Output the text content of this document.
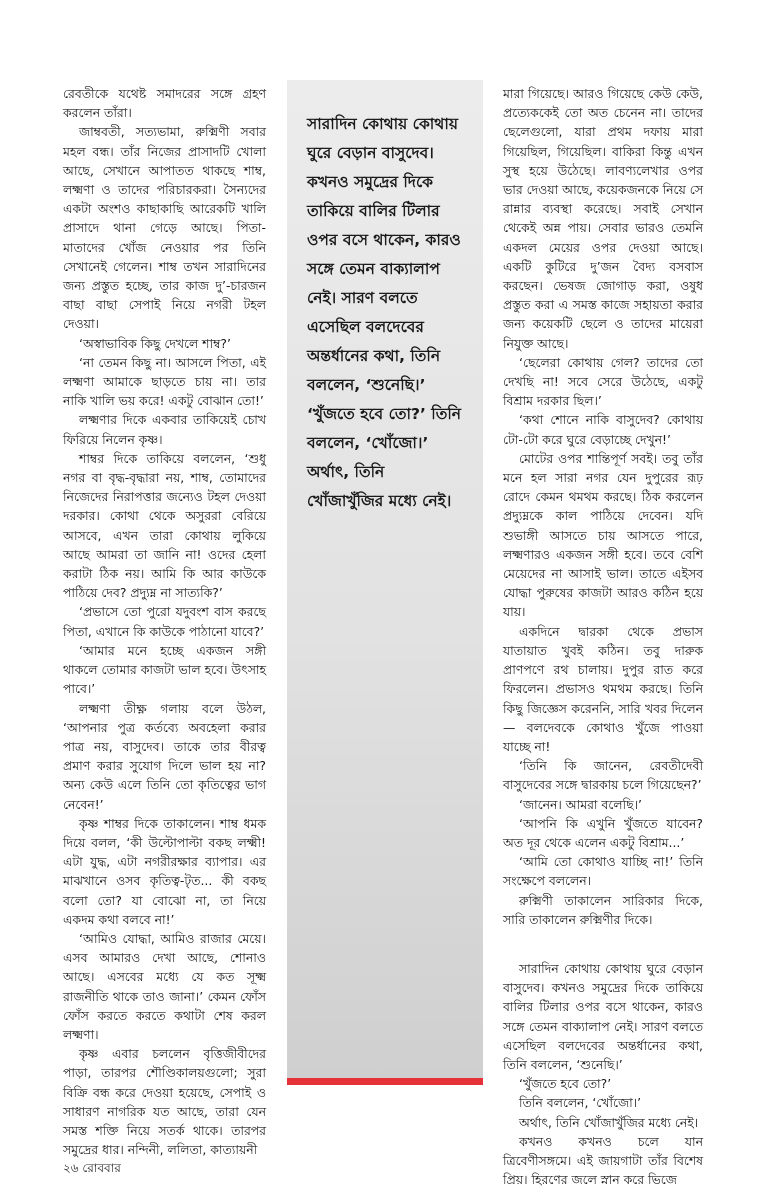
রেবতীকে যথেষ্ট সমাদরের সঙ্গে গ্রহণ করলেন তাঁরা।

জাম্ববতী, সত্যভামা, রুক্মিণী সবার মহল বন্ধ। তাঁর নিজের প্রাসাদটি খোলা আছে, সেখানে আপাতত থাকছে শাম্ব, লক্ষ্মণা ও তাদের পরিচারকরা। সৈন্যদের একটা অংশও কাছাকাছি আরেকটি খালি প্রাসাদে থানা গেড়ে আছে। পিতা-মাতাদের খোঁজ নেওয়ার পর তিনি সেখানেই গেলেন। শাম্ব তখন সারাদিনের জন্য প্রস্তুত হচ্ছে, তার কাজ দু’-চারজন বাছা বাছা সেপাই নিয়ে নগরী টহল দেওয়া।

‘অস্বাভাবিক কিছু দেখলে শাম্ব?’

‘না তেমন কিছু না। আসলে পিতা, এই লক্ষ্মণা আমাকে ছাড়তে চায় না। তার নাকি খালি ভয় করে! একটু বোঝান তো!’

লক্ষ্মণার দিকে একবার তাকিয়েই চোখ ফিরিয়ে নিলেন কৃষ্ণ।

শাম্বর দিকে তাকিয়ে বললেন, ‘শুধু নগর বা বৃদ্ধ-বৃদ্ধারা নয়, শাম্ব, তোমাদের নিজেদের নিরাপত্তার জন্যেও টহল দেওয়া দরকার। কোথা থেকে অসুররা বেরিয়ে আসবে, এখন তারা কোথায় লুকিয়ে আছে আমরা তা জানি না! ওদের হেলা করাটা ঠিক নয়। আমি কি আর কাউকে পাঠিয়ে দেব? প্রদ্যুম্ন না সাত্যকি?’

‘প্রভাসে তো পুরো যদুবংশ বাস করছে পিতা, এখানে কি কাউকে পাঠানো যাবে?’

‘আমার মনে হচ্ছে একজন সঙ্গী থাকলে তোমার কাজটা ভাল হবে। উৎসাহ পাবে।’

লক্ষ্মণা তীক্ষ্ণ গলায় বলে উঠল, ‘আপনার পুত্র কর্তব্যে অবহেলা করার পাত্র নয়, বাসুদেব। তাকে তার বীরত্ব প্রমাণ করার সুযোগ দিলে ভাল হয় না? অন্য কেউ এলে তিনি তো কৃতিত্বের ভাগ নেবেন!’

কৃষ্ণ শাম্বর দিকে তাকালেন। শাম্ব ধমক দিয়ে বলল, ‘কী উল্টোপাল্টা বকছ লক্ষ্মী! এটা যুদ্ধ, এটা নগরীরক্ষার ব্যাপার। এর মাঝখানে ওসব কৃতিত্ব-টৃত... কী বকছ বলো তো? যা বোঝো না, তা নিয়ে একদম কথা বলবে না!’

‘আমিও যোদ্ধা, আমিও রাজার মেয়ে। এসব আমারও দেখা আছে, শোনাও আছে। এসবের মধ্যে যে কত সূক্ষ্ম রাজনীতি থাকে তাও জানা।’ কেমন ফোঁস ফোঁস করতে করতে কথাটা শেষ করল লক্ষ্মণা।

কৃষ্ণ এবার চললেন বৃত্তিজীবীদের পাড়া, তারপর শৌণ্ডিকালয়গুলো; সুরা বিক্রি বন্ধ করে দেওয়া হয়েছে, সেপাই ও সাধারণ নাগরিক যত আছে, তারা যেন সমস্ত শক্তি নিয়ে সতর্ক থাকে। তারপর সমুদ্রের ধার। নন্দিনী, ললিতা, কাত্যায়নী

সারাদিন কোথায় কোথায় ঘুরে বেড়ান বাসুদেব। কখনও সমুদ্রের দিকে তাকিয়ে বালির টিলার ওপর বসে থাকেন, কারও সঙ্গে তেমন বাক্যালাপ নেই। সারণ বলতে এসেছিল বলদেবের অন্তর্ধানের কথা, তিনি বললেন, ‘শুনেছি।’ ‘খুঁজতে হবে তো?’ তিনি বললেন, ‘খোঁজো।’ অর্থাৎ, তিনি খোঁজাখুঁজির মধ্যে নেই।

মারা গিয়েছে। আরও গিয়েছে কেউ কেউ, প্রত্যেককেই তো অত চেনেন না। তাদের ছেলেগুলো, যারা প্রথম দফায় মারা গিয়েছিল, গিয়েছিল। বাকিরা কিন্তু এখন সুস্থ হয়ে উঠেছে। লাবণ্যলেখার ওপর ভার দেওয়া আছে, কয়েকজনকে নিয়ে সে রান্নার ব্যবস্থা করেছে। সবাই সেখান থেকেই অন্ন পায়। সেবার ভারও তেমনি একদল মেয়ের ওপর দেওয়া আছে। একটি কুটিরে দু’জন বৈদ্য বসবাস করছেন। ভেষজ জোগাড় করা, ওষুধ প্রস্তুত করা এ সমস্ত কাজে সহায়তা করার জন্য কয়েকটি ছেলে ও তাদের মায়েরা নিযুক্ত আছে।

‘ছেলেরা কোথায় গেল? তাদের তো দেখছি না! সবে সেরে উঠেছে, একটু বিশ্রাম দরকার ছিল।’

‘কথা শোনে নাকি বাসুদেব? কোথায় টো-টো করে ঘুরে বেড়াচ্ছে দেখুন!’

মোটের ওপর শান্তিপূর্ণ সবই। তবু তাঁর মনে হল সারা নগর যেন দুপুরের রূঢ় রোদে কেমন থমথম করছে। ঠিক করলেন প্রদ্যুম্নকে কাল পাঠিয়ে দেবেন। যদি শুভাঙ্গী আসতে চায় আসতে পারে, লক্ষ্মণারও একজন সঙ্গী হবে। তবে বেশি মেয়েদের না আসাই ভাল। তাতে এইসব যোদ্ধা পুরুষের কাজটা আরও কঠিন হয়ে যায়।

একদিনে দ্বারকা থেকে প্রভাস যাতায়াত খুবই কঠিন। তবু দারুক প্রাণপণে রথ চালায়। দুপুর রাত করে ফিরলেন। প্রভাসও থমথম করছে। তিনি কিছু জিজ্ঞেস করেননি, সারি খবর দিলেন— বলদেবকে কোথাও খুঁজে পাওয়া যাচ্ছে না!

‘তিনি কি জানেন, রেবতীদেবী বাসুদেবের সঙ্গে দ্বারকায় চলে গিয়েছেন?’

‘জানেন। আমরা বলেছি।’

‘আপনি কি এখুনি খুঁজতে যাবেন? অত দূর থেকে এলেন একটু বিশ্রাম...’

‘আমি তো কোথাও যাচ্ছি না!’ তিনি সংক্ষেপে বললেন।

রুক্মিণী তাকালেন সারিকার দিকে, সারি তাকালেন রুক্মিণীর দিকে।

সারাদিন কোথায় কোথায় ঘুরে বেড়ান বাসুদেব। কখনও সমুদ্রের দিকে তাকিয়ে বালির টিলার ওপর বসে থাকেন, কারও সঙ্গে তেমন বাক্যালাপ নেই। সারণ বলতে এসেছিল বলদেবের অন্তর্ধানের কথা, তিনি বললেন, ‘শুনেছি।’

‘খুঁজতে হবে তো?’

তিনি বললেন, ‘খোঁজো।’

অর্থাৎ, তিনি খোঁজাখুঁজির মধ্যে নেই।

কখনও কখনও চলে যান ত্রিবেণীসঙ্গমে। এই জায়গাটা তাঁর বিশেষ প্রিয়। হিরণের জলে স্নান করে ভিজে

২৬ রোববার
